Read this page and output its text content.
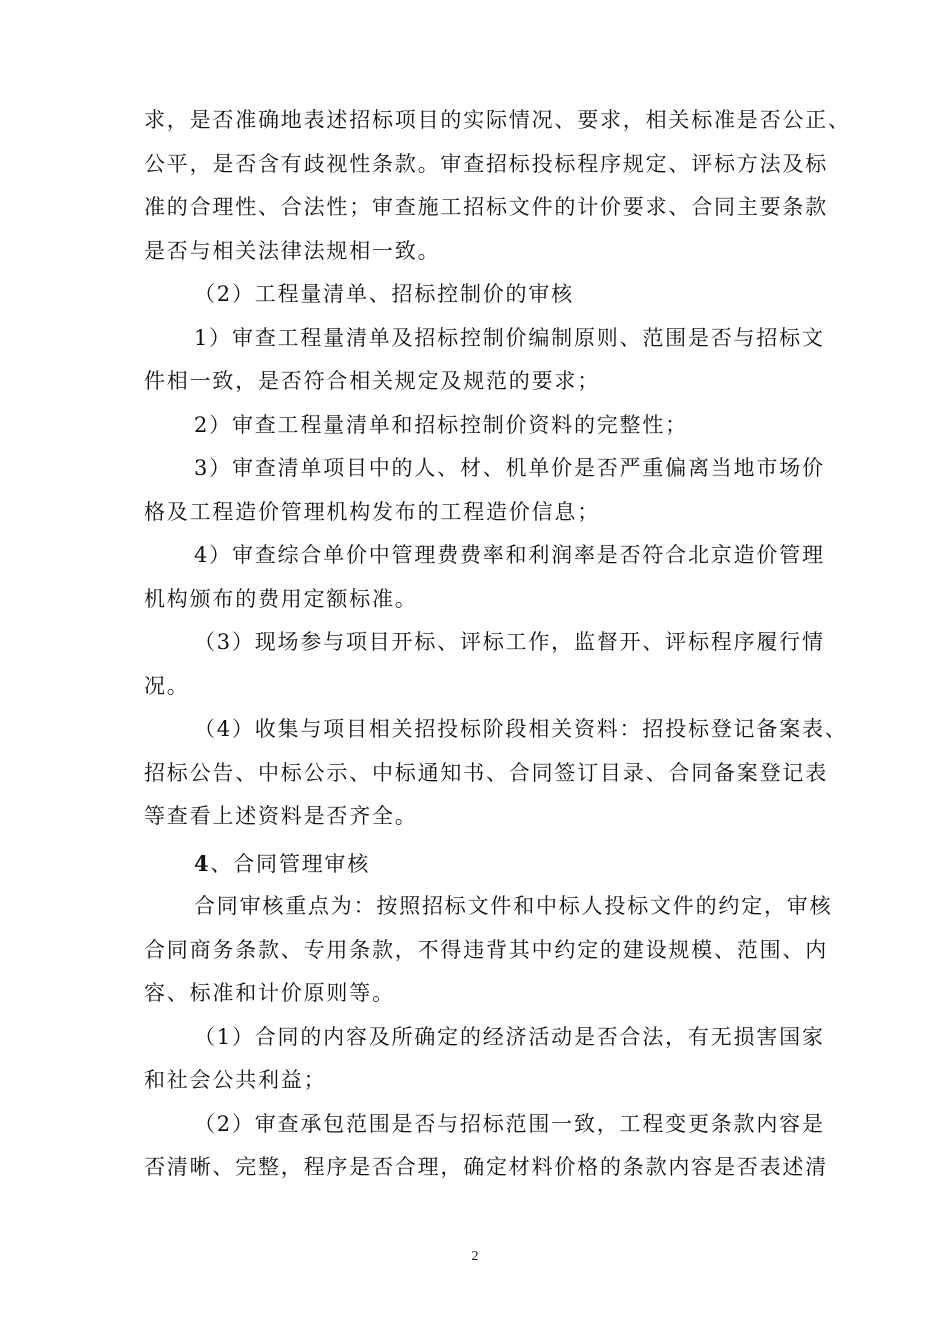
求，是否准确地表述招标项目的实际情况、要求，相关标准是否公正、
公平，是否含有歧视性条款。审查招标投标程序规定、评标方法及标
准的合理性、合法性；审查施工招标文件的计价要求、合同主要条款
是否与相关法律法规相一致。
（2）工程量清单、招标控制价的审核
1）审查工程量清单及招标控制价编制原则、范围是否与招标文
件相一致，是否符合相关规定及规范的要求；
2）审查工程量清单和招标控制价资料的完整性；
3）审查清单项目中的人、材、机单价是否严重偏离当地市场价
格及工程造价管理机构发布的工程造价信息；
4）审查综合单价中管理费费率和利润率是否符合北京造价管理
机构颁布的费用定额标准。
（3）现场参与项目开标、评标工作，监督开、评标程序履行情
况。
（4）收集与项目相关招投标阶段相关资料：招投标登记备案表、
招标公告、中标公示、中标通知书、合同签订目录、合同备案登记表
等查看上述资料是否齐全。
4、合同管理审核
合同审核重点为：按照招标文件和中标人投标文件的约定，审核
合同商务条款、专用条款，不得违背其中约定的建设规模、范围、内
容、标准和计价原则等。
（1）合同的内容及所确定的经济活动是否合法，有无损害国家
和社会公共利益；
（2）审查承包范围是否与招标范围一致，工程变更条款内容是
否清晰、完整，程序是否合理，确定材料价格的条款内容是否表述清
2
